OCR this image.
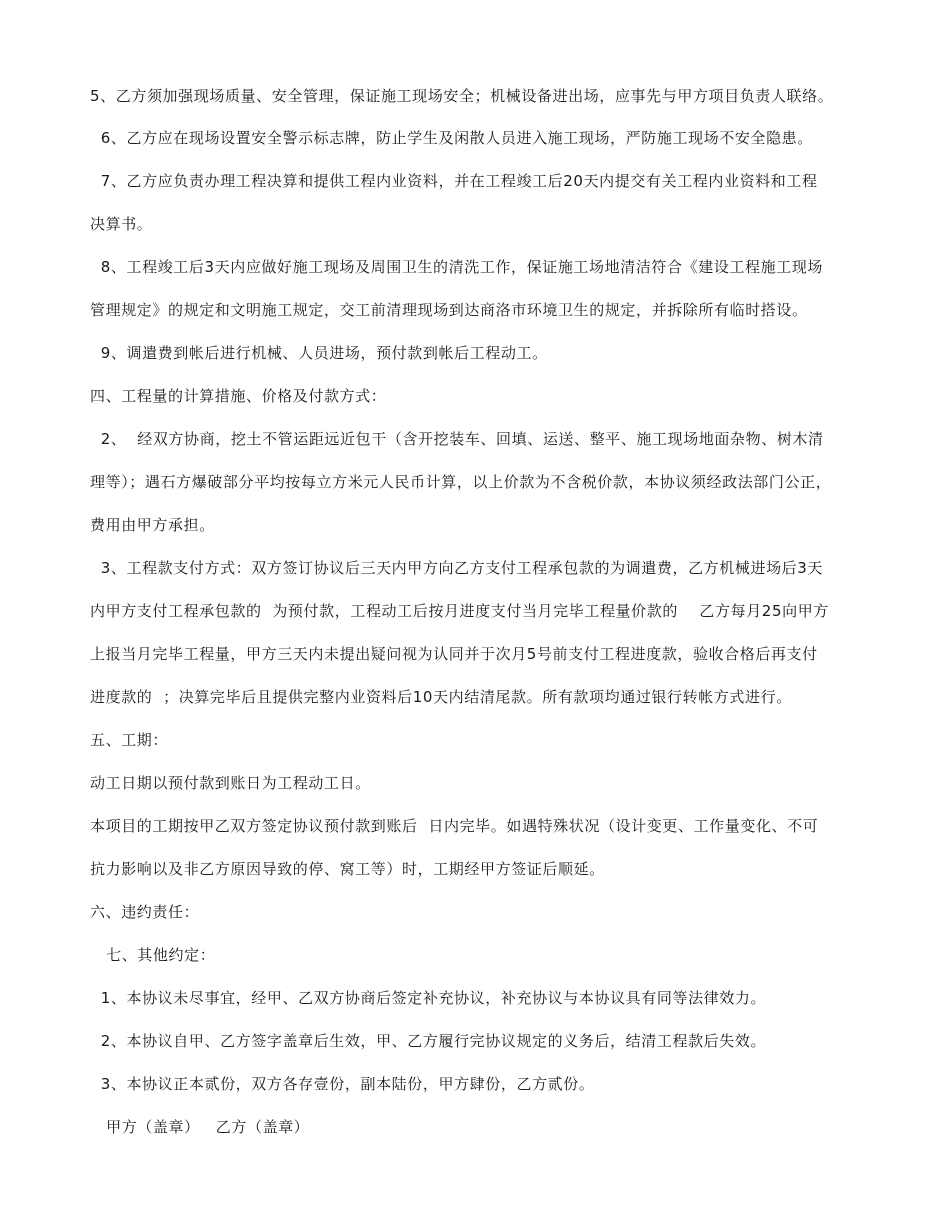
5、乙方须加强现场质量、安全管理，保证施工现场安全；机械设备进出场，应事先与甲方项目负责人联络。
6、乙方应在现场设置安全警示标志牌，防止学生及闲散人员进入施工现场，严防施工现场不安全隐患。
7、乙方应负责办理工程决算和提供工程内业资料，并在工程竣工后20天内提交有关工程内业资料和工程
决算书。
8、工程竣工后3天内应做好施工现场及周围卫生的清洗工作，保证施工场地清洁符合《建设工程施工现场
管理规定》的规定和文明施工规定，交工前清理现场到达商洛市环境卫生的规定，并拆除所有临时搭设。
9、调遣费到帐后进行机械、人员进场，预付款到帐后工程动工。
四、工程量的计算措施、价格及付款方式：
2、  经双方协商，挖土不管运距远近包干（含开挖装车、回填、运送、整平、施工现场地面杂物、树木清
理等）；遇石方爆破部分平均按每立方米元人民币计算，以上价款为不含税价款，本协议须经政法部门公正，
费用由甲方承担。
3、工程款支付方式：双方签订协议后三天内甲方向乙方支付工程承包款的为调遣费，乙方机械进场后3天
内甲方支付工程承包款的  为预付款，工程动工后按月进度支付当月完毕工程量价款的    乙方每月25向甲方
上报当月完毕工程量，甲方三天内未提出疑问视为认同并于次月5号前支付工程进度款，验收合格后再支付
进度款的  ；决算完毕后且提供完整内业资料后10天内结清尾款。所有款项均通过银行转帐方式进行。
五、工期：
动工日期以预付款到账日为工程动工日。
本项目的工期按甲乙双方签定协议预付款到账后  日内完毕。如遇特殊状况（设计变更、工作量变化、不可
抗力影响以及非乙方原因导致的停、窝工等）时，工期经甲方签证后顺延。
六、违约责任：
七、其他约定：
1、本协议未尽事宜，经甲、乙双方协商后签定补充协议，补充协议与本协议具有同等法律效力。
2、本协议自甲、乙方签字盖章后生效，甲、乙方履行完协议规定的义务后，结清工程款后失效。
3、本协议正本贰份，双方各存壹份，副本陆份，甲方肆份，乙方贰份。
甲方（盖章）   乙方（盖章）
